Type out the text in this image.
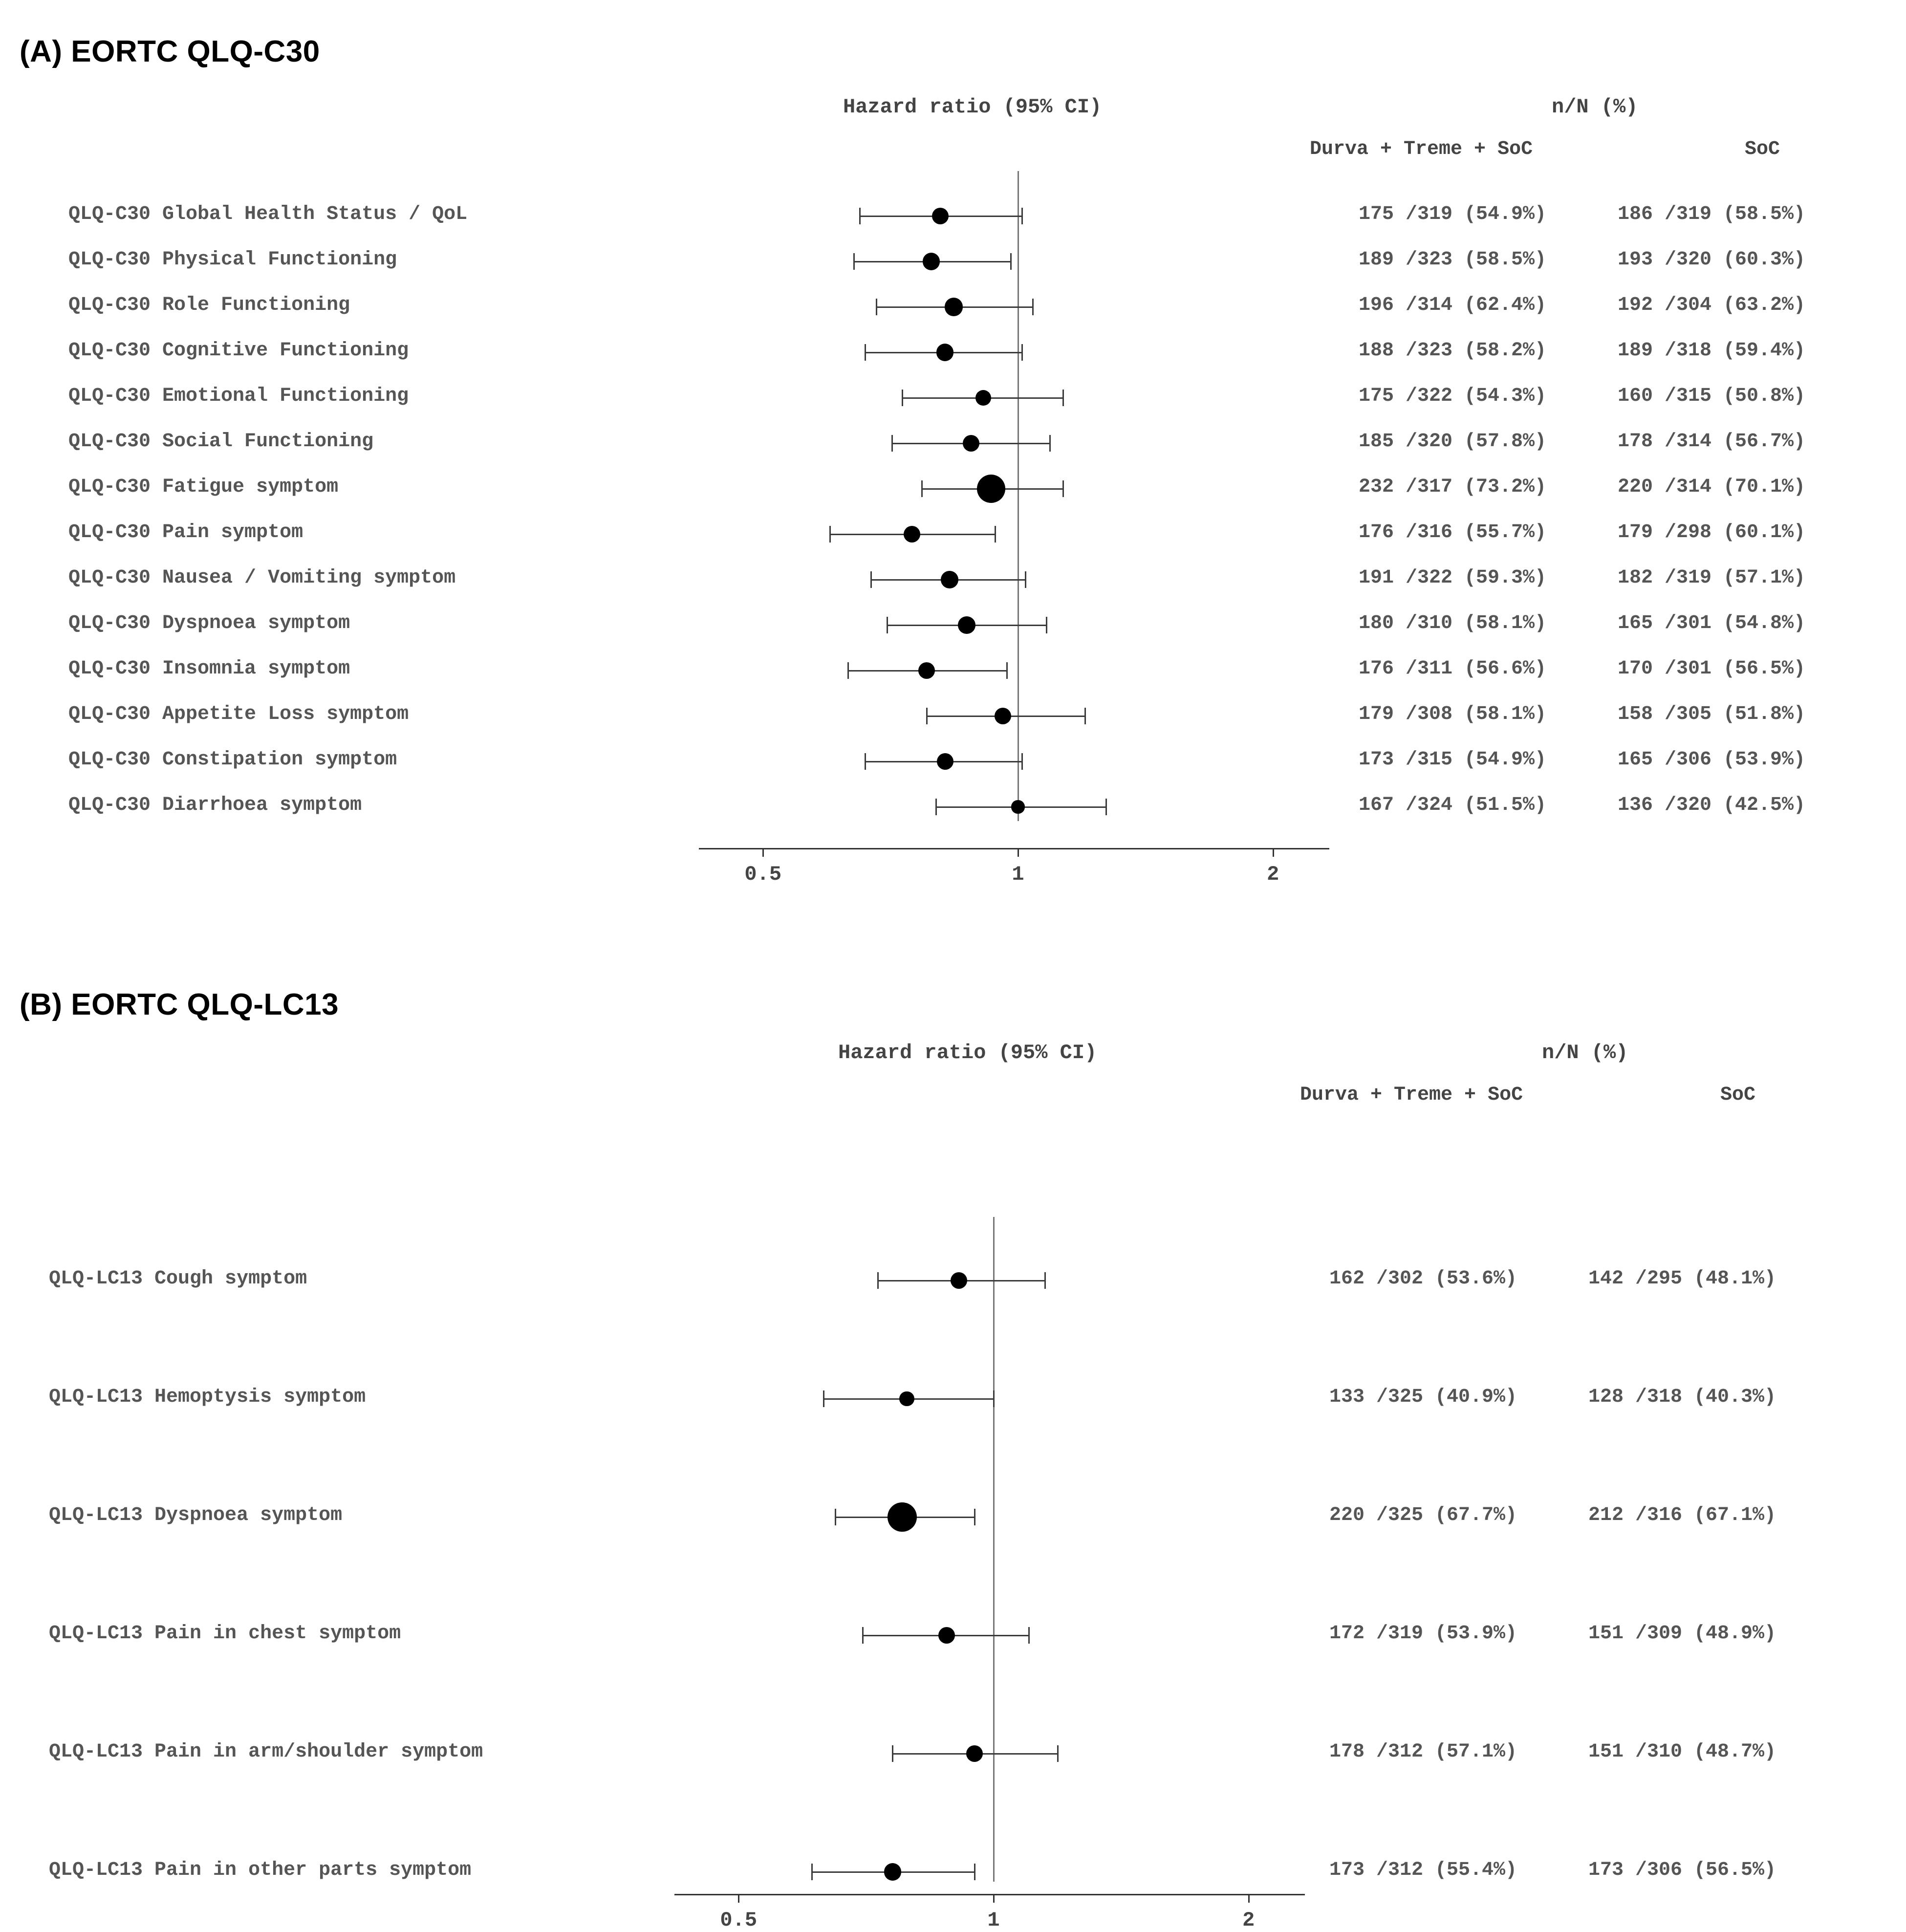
(A) EORTC QLQ-C30
Hazard ratio (95% CI)	n/N (%)
Durva + Treme + SoC	SoC
QLQ-C30 Global Health Status / QoL	175 /319 (54.9%)	186 /319 (58.5%)
QLQ-C30 Physical Functioning	189 /323 (58.5%)	193 /320 (60.3%)
QLQ-C30 Role Functioning	196 /314 (62.4%)	192 /304 (63.2%)
QLQ-C30 Cognitive Functioning	188 /323 (58.2%)	189 /318 (59.4%)
QLQ-C30 Emotional Functioning	175 /322 (54.3%)	160 /315 (50.8%)
QLQ-C30 Social Functioning	185 /320 (57.8%)	178 /314 (56.7%)
QLQ-C30 Fatigue symptom	232 /317 (73.2%)	220 /314 (70.1%)
QLQ-C30 Pain symptom	176 /316 (55.7%)	179 /298 (60.1%)
QLQ-C30 Nausea / Vomiting symptom	191 /322 (59.3%)	182 /319 (57.1%)
QLQ-C30 Dyspnoea symptom	180 /310 (58.1%)	165 /301 (54.8%)
QLQ-C30 Insomnia symptom	176 /311 (56.6%)	170 /301 (56.5%)
QLQ-C30 Appetite Loss symptom	179 /308 (58.1%)	158 /305 (51.8%)
QLQ-C30 Constipation symptom	173 /315 (54.9%)	165 /306 (53.9%)
QLQ-C30 Diarrhoea symptom	167 /324 (51.5%)	136 /320 (42.5%)
0.5	1	2
(B) EORTC QLQ-LC13
Hazard ratio (95% CI)	n/N (%)
Durva + Treme + SoC	SoC
QLQ-LC13 Cough symptom	162 /302 (53.6%)	142 /295 (48.1%)
QLQ-LC13 Hemoptysis symptom	133 /325 (40.9%)	128 /318 (40.3%)
QLQ-LC13 Dyspnoea symptom	220 /325 (67.7%)	212 /316 (67.1%)
QLQ-LC13 Pain in chest symptom	172 /319 (53.9%)	151 /309 (48.9%)
QLQ-LC13 Pain in arm/shoulder symptom	178 /312 (57.1%)	151 /310 (48.7%)
QLQ-LC13 Pain in other parts symptom	173 /312 (55.4%)	173 /306 (56.5%)
0.5	1	2
